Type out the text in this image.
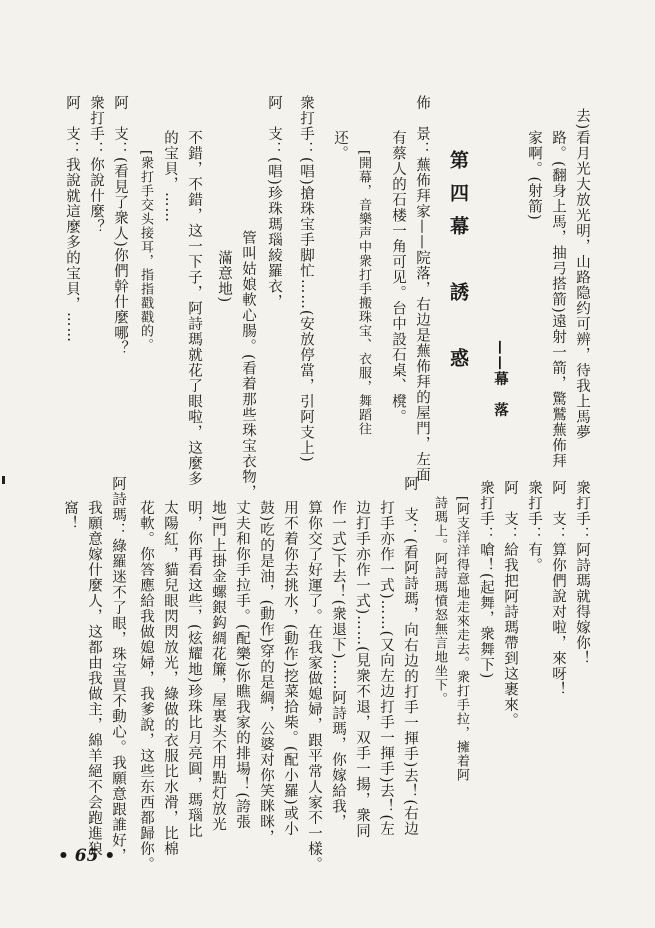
去)看月光大放光明，山路隐约可辨，待我上馬夢
路。(翻身上馬，抽弓搭箭)遠射一箭，驚鷲蕪佈拜
家啊。(射箭)
——幕　落
第四幕　誘　惑
佈　景：蕪佈拜家——院落，右边是蕪佈拜的屋門，左面
有蔡人的石楼一角可见。台中設石桌、櫈。
[開幕，音樂声中衆打手搬珠宝、衣服，舞蹈往
还。
衆打手：(唱)搶珠宝手脚忙……(安放停當，引阿支上)
阿　支：(唱)珍珠瑪瑙綾羅衣，
管叫姑娘軟心腸。(看着那些珠宝衣物，
滿意地)
不錯，不錯，这一下子，阿詩瑪就花了眼啦，这麼多
的宝貝，……
[衆打手交头接耳，指指戳戳的。
阿　支：(看見了衆人)你們幹什麼哪？
衆打手：你說什麼？
阿　支：我說就這麼多的宝貝，……
衆打手：阿詩瑪就得嫁你！
阿　支：算你們說对啦，來呀！
衆打手：有。
阿　支：給我把阿詩瑪帶到这裹來。
衆打手：嗆！(起舞，衆舞下)
[阿支洋洋得意地走來走去。衆打手拉，擁着阿
詩瑪上。阿詩瑪憤怒無言地坐下。
阿　支：(看阿詩瑪，向右边的打手一揮手)去！(右边
打手亦作一式)……(又向左边打手一揮手)去！(左
边打手亦作一式)……(見衆不退，双手一揚，衆同
作一式)下去！(衆退下)……阿詩瑪，你嫁給我，
算你交了好運了。在我家做媳婦，跟平常人家不一樣。
用不着你去挑水，(動作)挖菜拾柴。(配小羅)或小
鼓)吃的是油，(動作)穿的是綢，公婆对你笑眯眯，
丈夫和你手拉手。(配樂)你瞧我家的排場！(誇張
地)門上掛金螺銀鈎綢花簾，屋裏头不用點灯放光
明，你再看这些，(炫耀地)珍珠比月亮圓，瑪瑙比
太陽紅，貓兒眼閃閃放光，綠做的衣服比水滑，比棉
花軟。你答應給我做媳婦，我爹說，这些东西都歸你。
阿詩瑪：綠羅迷不了眼，珠宝買不動心。我願意跟誰好，
我願意嫁什麼人，这都由我做主，綿羊絕不会跑進狼
窩！
• 65 •
